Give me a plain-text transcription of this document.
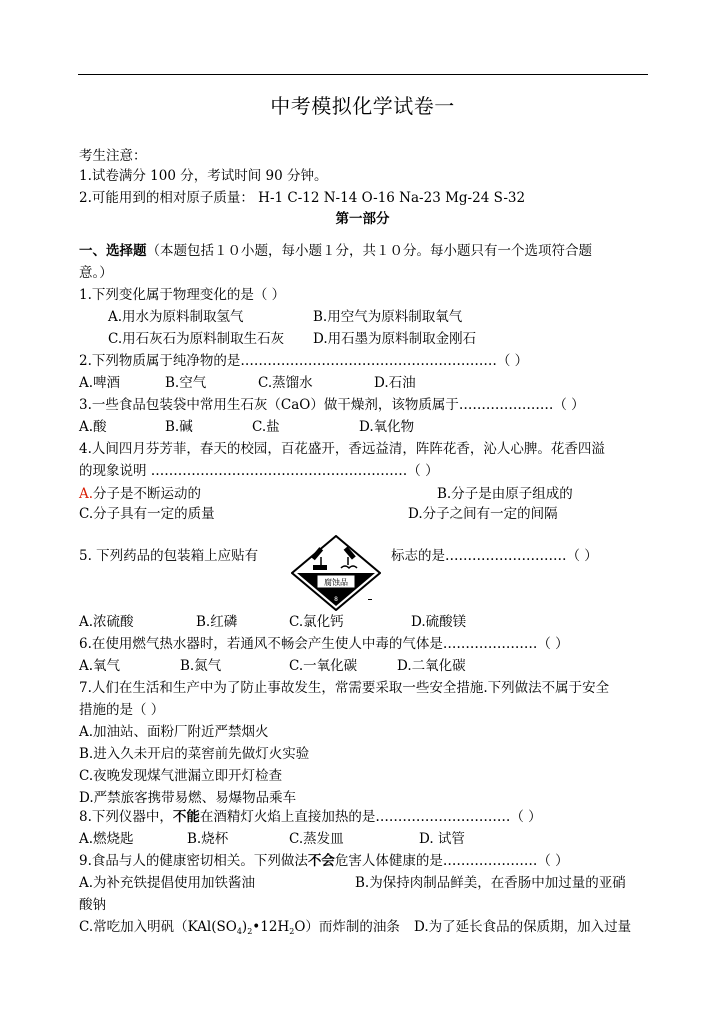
中考模拟化学试卷一
考生注意：
1.试卷满分 100 分，考试时间 90 分钟。
2.可能用到的相对原子质量： H-1 C-12 N-14 O-16 Na-23 Mg-24 S-32
第一部分
一、选择题（本题包括１０小题，每小题１分，共１０分。每小题只有一个选项符合题
意。）
1.下列变化属于物理变化的是（ ）
A.用水为原料制取氢气	B.用空气为原料制取氧气
C.用石灰石为原料制取生石灰 D.用石墨为原料制取金刚石
2.下列物质属于纯净物的是…………………………………………………（ ）
A.啤酒	B.空气	C.蒸馏水	D.石油
3.一些食品包装袋中常用生石灰（CaO）做干燥剂，该物质属于…………………（ ）
A.酸	B.碱	C.盐	D.氧化物
4.人间四月芬芳菲，春天的校园，百花盛开，香远益清，阵阵花香，沁人心脾。花香四溢
的现象说明 …………………………………………………（ ）
A.分子是不断运动的	B.分子是由原子组成的
C.分子具有一定的质量	D.分子之间有一定的间隔
5. 下列药品的包装箱上应贴有
腐蚀品
8
标志的是………………………（ ）
A.浓硫酸	B.红磷	C.氯化钙	D.硫酸镁
6.在使用燃气热水器时，若通风不畅会产生使人中毒的气体是…………………（ ）
A.氧气	B.氮气	C.一氧化碳	D.二氧化碳
7.人们在生活和生产中为了防止事故发生，常需要采取一些安全措施.下列做法不属于安全
措施的是（ ）
A.加油站、面粉厂附近严禁烟火
B.进入久未开启的菜窖前先做灯火实验
C.夜晚发现煤气泄漏立即开灯检查
D.严禁旅客携带易燃、易爆物品乘车
8.下列仪器中，不能在酒精灯火焰上直接加热的是…………………………（ ）
A.燃烧匙	B.烧杯	C.蒸发皿	D. 试管
9.食品与人的健康密切相关。下列做法不会危害人体健康的是…………………（ ）
A.为补充铁提倡使用加铁酱油	B.为保持肉制品鲜美，在香肠中加过量的亚硝
酸钠
C.常吃加入明矾$(KAl(SO_4)_2•12H_2O)$而炸制的油条 D.为了延长食品的保质期，加入过量
